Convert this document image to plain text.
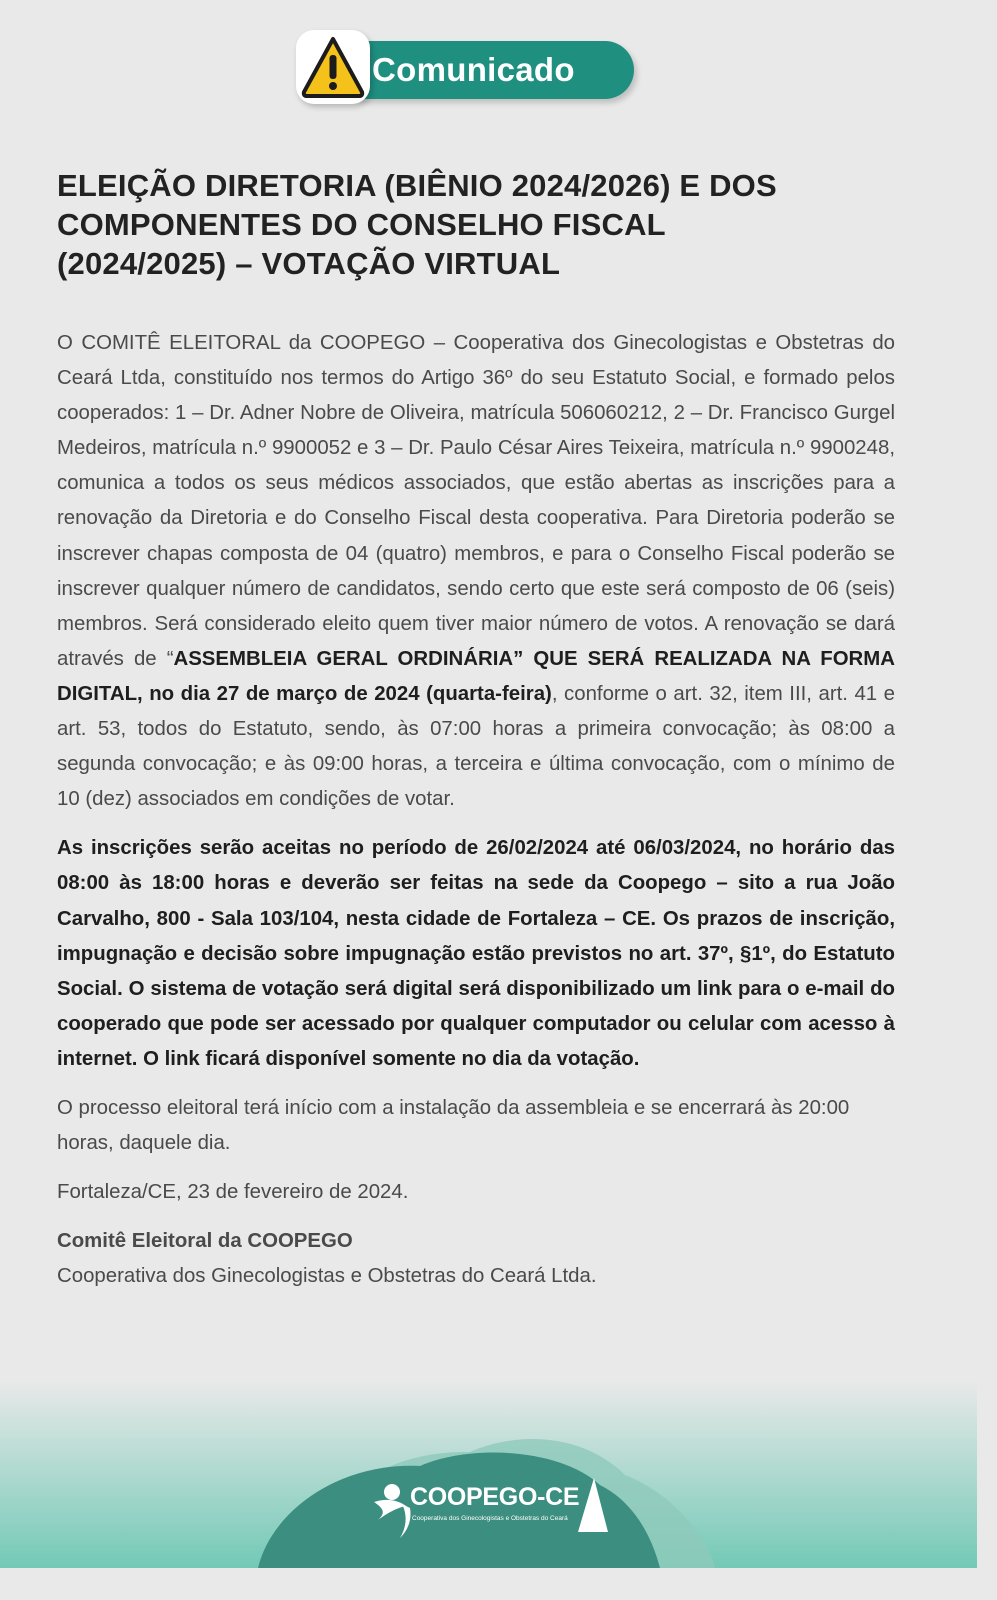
Comunicado
ELEIÇÃO DIRETORIA (BIÊNIO 2024/2026) E DOS
COMPONENTES DO CONSELHO FISCAL
(2024/2025) – VOTAÇÃO VIRTUAL

O COMITÊ ELEITORAL da COOPEGO – Cooperativa dos Ginecologistas e Obstetras do Ceará Ltda, constituído nos termos do Artigo 36º do seu Estatuto Social, e formado pelos cooperados: 1 – Dr. Adner Nobre de Oliveira, matrícula 506060212, 2 – Dr. Francisco Gurgel Medeiros, matrícula n.º 9900052 e 3 – Dr. Paulo César Aires Teixeira, matrícula n.º 9900248, comunica a todos os seus médicos associados, que estão abertas as inscrições para a renovação da Diretoria e do Conselho Fiscal desta cooperativa. Para Diretoria poderão se inscrever chapas composta de 04 (quatro) membros, e para o Conselho Fiscal poderão se inscrever qualquer número de candidatos, sendo certo que este será composto de 06 (seis) membros. Será considerado eleito quem tiver maior número de votos. A renovação se dará através de “ASSEMBLEIA GERAL ORDINÁRIA” QUE SERÁ REALIZADA NA FORMA DIGITAL, no dia 27 de março de 2024 (quarta-feira), conforme o art. 32, item III, art. 41 e art. 53, todos do Estatuto, sendo, às 07:00 horas a primeira convocação; às 08:00 a segunda convocação; e às 09:00 horas, a terceira e última convocação, com o mínimo de 10 (dez) associados em condições de votar.

As inscrições serão aceitas no período de 26/02/2024 até 06/03/2024, no horário das 08:00 às 18:00 horas e deverão ser feitas na sede da Coopego – sito a rua João Carvalho, 800 - Sala 103/104, nesta cidade de Fortaleza – CE. Os prazos de inscrição, impugnação e decisão sobre impugnação estão previstos no art. 37º, §1º, do Estatuto Social. O sistema de votação será digital será disponibilizado um link para o e-mail do cooperado que pode ser acessado por qualquer computador ou celular com acesso à internet. O link ficará disponível somente no dia da votação.

O processo eleitoral terá início com a instalação da assembleia e se encerrará às 20:00 horas, daquele dia.

Fortaleza/CE, 23 de fevereiro de 2024.

Comitê Eleitoral da COOPEGO

Cooperativa dos Ginecologistas e Obstetras do Ceará Ltda.

COOPEGO-CE
Cooperativa dos Ginecologistas e Obstetras do Ceará
